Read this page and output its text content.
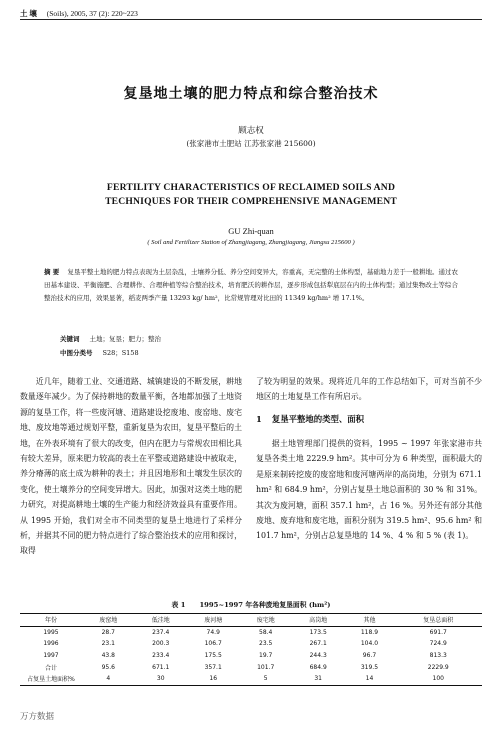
土 壤 (Soils), 2005, 37 (2): 220~223
复垦地土壤的肥力特点和综合整治技术
顾志权
(张家港市土肥站 江苏张家港 215600)
FERTILITY CHARACTERISTICS OF RECLAIMED SOILS AND
TECHNIQUES FOR THEIR COMPREHENSIVE MANAGEMENT
GU Zhi-quan
( Soil and Fertilizer Station of Zhangjiagang, Zhangjiagang, Jiangsu 215600 )
摘 要 复垦平整土地的肥力特点表现为土层杂乱，土壤养分低、养分空间变异大，容重高，无完整的土体构型，基础地力差于一般耕地。通过农田基本建设、平衡施肥、合理耕作、合理种植等综合整治技术，培育肥沃的耕作层，逐步形成包括犁底层在内的土体构型；通过集物改土等综合整治技术的应用，效果显著，稻麦两季产量 13293 kg/ hm²，比常规管理对比田的 11349 kg/hm² 增 17.1%。
关键词 土地；复垦；肥力；整治
中图分类号 S28；S158
近几年，随着工业、交通道路、城镇建设的不断发展，耕地数量逐年减少。为了保持耕地的数量平衡，各地都加强了土地资源的复垦工作，将一些废河塘、道路建设挖废地、废窑地、废宅地、废坟地等通过规划平整，重新复垦为农田，复垦平整后的土地，在外表环境有了很大的改变，但内在肥力与常规农田相比具有较大差异，原来肥力较高的表土在平整或道路建设中被取走，养分瘠薄的底土成为耕种的表土；并且因地形和土壤发生层次的变化，使土壤养分的空间变异增大。因此，加强对这类土地的肥力研究，对提高耕地土壤的生产能力和经济效益具有重要作用。从 1995 开始，我们对全市不同类型的复垦土地进行了采样分析，并据其不同的肥力特点进行了综合整治技术的应用和探讨，取得
了较为明显的效果。现将近几年的工作总结如下，可对当前不少地区的土地复垦工作有所启示。
1 复垦平整地的类型、面积
据土地管理部门提供的资料，1995 ~ 1997 年张家港市共复垦各类土地 2229.9 hm²。其中可分为 6 种类型，面积最大的是原来制砖挖废的废窑地和废河塘两岸的高岗地，分别为 671.1 hm² 和 684.9 hm²，分别占复垦土地总面积的 30 % 和 31%。其次为废河塘，面积 357.1 hm²，占 16 %。另外还有部分其他废地、废弃地和废宅地，面积分别为 319.5 hm²、95.6 hm² 和 101.7 hm²，分别占总复垦地的 14 %、4 % 和 5 % (表 1)。
表 1 1995~1997 年各种废地复垦面积 (hm²)
年份	废窑地	低洼地	废河塘	废宅地	高岗地	其他	复垦总面积
1995	28.7	237.4	74.9	58.4	173.5	118.9	691.7
1996	23.1	200.3	106.7	23.5	267.1	104.0	724.9
1997	43.8	233.4	175.5	19.7	244.3	96.7	813.3
合计	95.6	671.1	357.1	101.7	684.9	319.5	2229.9
占复垦土地面积%	4	30	16	5	31	14	100
万方数据
